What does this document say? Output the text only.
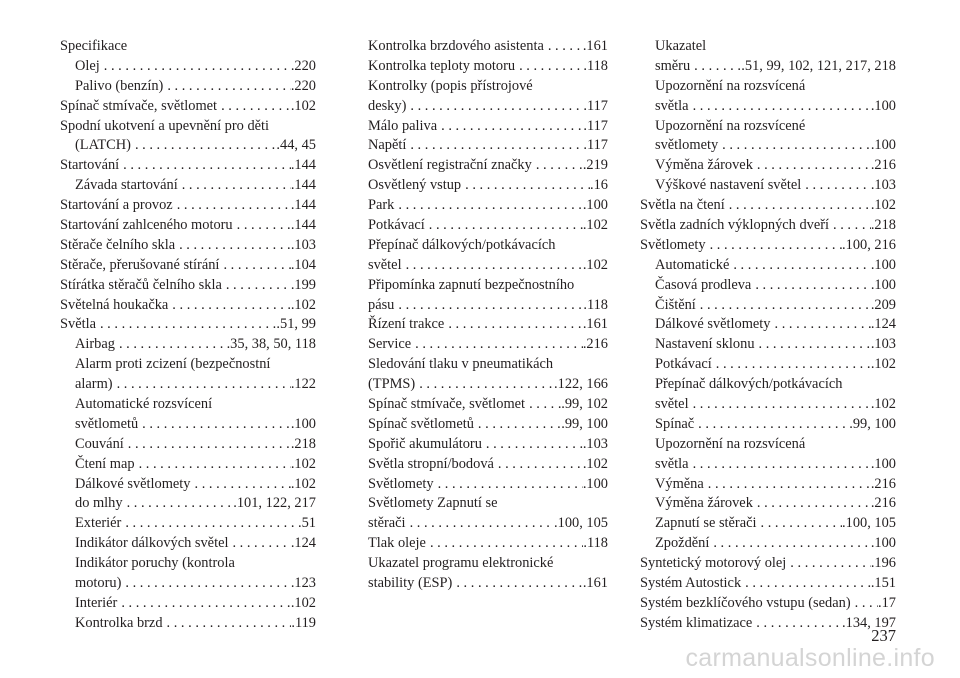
Specifikace
Olej . . .	.220
Palivo (benzín) . . .	.220
Spínač stmívače, světlomet . . .	.102
Spodní ukotvení a upevnění pro děti
(LATCH) . . .	.44, 45
Startování . . .	.144
Závada startování . . .	.144
Startování a provoz . . .	.144
Startování zahlceného motoru . . .	.144
Stěrače čelního skla . . .	.103
Stěrače, přerušované stírání . . .	.104
Stírátka stěračů čelního skla . . .	.199
Světelná houkačka . . .	.102
Světla . . .	.51, 99
Airbag . . .	.35, 38, 50, 118
Alarm proti zcizení (bezpečnostní
alarm) . . .	.122
Automatické rozsvícení
světlometů . . .	.100
Couvání . . .	.218
Čtení map . . .	.102
Dálkové světlomety . . .	.102
do mlhy . . .	.101, 122, 217
Exteriér . . .	.51
Indikátor dálkových světel . . .	.124
Indikátor poruchy (kontrola
motoru) . . .	.123
Interiér . . .	.102
Kontrolka brzd . . .	.119
Kontrolka brzdového asistenta . . .	.161
Kontrolka teploty motoru . . .	.118
Kontrolky (popis přístrojové
desky) . . .	.117
Málo paliva . . .	.117
Napětí . . .	.117
Osvětlení registrační značky . . .	.219
Osvětlený vstup . . .	.16
Park . . .	.100
Potkávací . . .	.102
Přepínač dálkových/potkávacích
světel . . .	.102
Připomínka zapnutí bezpečnostního
pásu . . .	.118
Řízení trakce . . .	.161
Service . . .	.216
Sledování tlaku v pneumatikách
(TPMS) . . .	.122, 166
Spínač stmívače, světlomet . . .	.99, 102
Spínač světlometů . . .	.99, 100
Spořič akumulátoru . . .	.103
Světla stropní/bodová . . .	.102
Světlomety . . .	.100
Světlomety Zapnutí se
stěrači . . .	.100, 105
Tlak oleje . . .	.118
Ukazatel programu elektronické
stability (ESP) . . .	.161
Ukazatel
směru . . .	.51, 99, 102, 121, 217, 218
Upozornění na rozsvícená
světla . . .	.100
Upozornění na rozsvícené
světlomety . . .	.100
Výměna žárovek . . .	.216
Výškové nastavení světel . . .	.103
Světla na čtení . . .	.102
Světla zadních výklopných dveří . . .	.218
Světlomety . . .	.100, 216
Automatické . . .	.100
Časová prodleva . . .	.100
Čištění . . .	.209
Dálkové světlomety . . .	.124
Nastavení sklonu . . .	.103
Potkávací . . .	.102
Přepínač dálkových/potkávacích
světel . . .	.102
Spínač . . .	.99, 100
Upozornění na rozsvícená
světla . . .	.100
Výměna . . .	.216
Výměna žárovek . . .	.216
Zapnutí se stěrači . . .	.100, 105
Zpoždění . . .	.100
Syntetický motorový olej . . .	.196
Systém Autostick . . .	.151
Systém bezklíčového vstupu (sedan) . . . .17
Systém klimatizace . . .	.134, 197
237
carmanualsonline.info
